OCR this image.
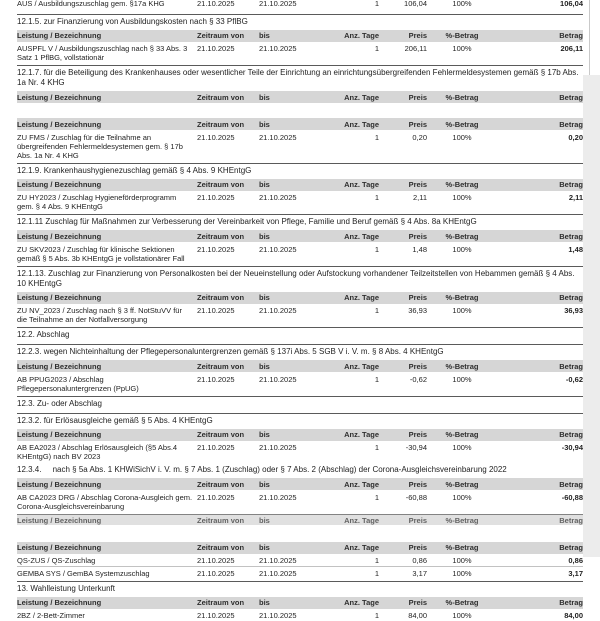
AUS / Ausbildungszuschlag gem. §17a KHG	21.10.2025	21.10.2025	1	106,04	100%	106,04
12.1.5. zur Finanzierung von Ausbildungskosten nach § 33 PflBG
Leistung / Bezeichnung	Zeitraum von	bis	Anz. Tage	Preis	%-Betrag	Betrag
AUSPFL V / Ausbildungszuschlag nach § 33 Abs. 3 Satz 1 PflBG, vollstationär
21.10.2025	21.10.2025	1	206,11	100%	206,11
12.1.7. für die Beteiligung des Krankenhauses oder wesentlicher Teile der Einrichtung an einrichtungsübergreifenden Fehlermeldesystemen gemäß § 17b Abs. 1a Nr. 4 KHG
Leistung / Bezeichnung	Zeitraum von	bis	Anz. Tage	Preis	%-Betrag	Betrag
Leistung / Bezeichnung	Zeitraum von	bis	Anz. Tage	Preis	%-Betrag	Betrag
ZU FMS / Zuschlag für die Teilnahme an übergreifenden Fehlermeldesystemen gem. § 17b Abs. 1a Nr. 4 KHG
21.10.2025	21.10.2025	1	0,20	100%	0,20
12.1.9. Krankenhaushygienezuschlag gemäß § 4 Abs. 9 KHEntgG
Leistung / Bezeichnung	Zeitraum von	bis	Anz. Tage	Preis	%-Betrag	Betrag
ZU HY2023 / Zuschlag Hygieneförderprogramm gem. § 4 Abs. 9 KHEntgG
21.10.2025	21.10.2025	1	2,11	100%	2,11
12.1.11 Zuschlag für Maßnahmen zur Verbesserung der Vereinbarkeit von Pflege, Familie und Beruf gemäß § 4 Abs. 8a KHEntgG
Leistung / Bezeichnung	Zeitraum von	bis	Anz. Tage	Preis	%-Betrag	Betrag
ZU SKV2023 / Zuschlag für klinische Sektionen gemäß § 5 Abs. 3b KHEntgG je vollstationärer Fall
21.10.2025	21.10.2025	1	1,48	100%	1,48
12.1.13. Zuschlag zur Finanzierung von Personalkosten bei der Neueinstellung oder Aufstockung vorhandener Teilzeitstellen von Hebammen gemäß § 4 Abs. 10 KHEntgG
Leistung / Bezeichnung	Zeitraum von	bis	Anz. Tage	Preis	%-Betrag	Betrag
ZU NV_2023 / Zuschlag nach § 3 ff. NotStuVV für die Teilnahme an der Notfallversorgung
21.10.2025	21.10.2025	1	36,93	100%	36,93
12.2. Abschlag
12.2.3. wegen Nichteinhaltung der Pflegepersonaluntergrenzen gemäß § 137i Abs. 5 SGB V i. V. m. § 8 Abs. 4 KHEntgG
Leistung / Bezeichnung	Zeitraum von	bis	Anz. Tage	Preis	%-Betrag	Betrag
AB PPUG2023 / Abschlag Pflegepersonaluntergrenzen (PpUG)
21.10.2025	21.10.2025	1	-0,62	100%	-0,62
12.3. Zu- oder Abschlag
12.3.2. für Erlösausgleiche gemäß § 5 Abs. 4 KHEntgG
Leistung / Bezeichnung	Zeitraum von	bis	Anz. Tage	Preis	%-Betrag	Betrag
AB EA2023 / Abschlag Erlösausgleich (§5 Abs.4 KHEntgG) nach BV 2023
21.10.2025	21.10.2025	1	-30,94	100%	-30,94
12.3.4.     nach § 5a Abs. 1 KHWiSichV i. V. m. § 7 Abs. 1 (Zuschlag) oder § 7 Abs. 2 (Abschlag) der Corona-Ausgleichsvereinbarung 2022
Leistung / Bezeichnung	Zeitraum von	bis	Anz. Tage	Preis	%-Betrag	Betrag
AB CA2023 DRG / Abschlag Corona-Ausgleich gem. Corona-Ausgleichsvereinbarung
21.10.2025	21.10.2025	1	-60,88	100%	-60,88
Leistung / Bezeichnung	Zeitraum von	bis	Anz. Tage	Preis	%-Betrag	Betrag
Leistung / Bezeichnung	Zeitraum von	bis	Anz. Tage	Preis	%-Betrag	Betrag
QS-ZUS / QS-Zuschlag	21.10.2025	21.10.2025	1	0,86	100%	0,86
GEMBA SYS / GemBA Systemzuschlag	21.10.2025	21.10.2025	1	3,17	100%	3,17
13. Wahlleistung Unterkunft
Leistung / Bezeichnung	Zeitraum von	bis	Anz. Tage	Preis	%-Betrag	Betrag
2BZ / 2-Bett-Zimmer	21.10.2025	21.10.2025	1	84,00	100%	84,00
